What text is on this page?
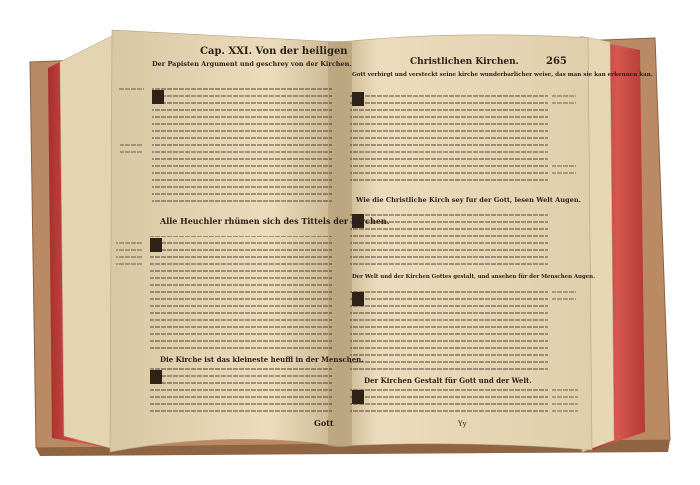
Cap. XXI. Von der heiligen
Der Papisten Argument und geschrey von der Kirchen.
Alle Heuchler rhümen sich des Tittels der Kirchen.
Die Kirche ist das kleineste heuffl in der Menschen.
Gott
Christlichen Kirchen.	265
Gott verbirgt und versteckt seine kirche wunderbarlicher weise, das man sie kan erkennen kan.
Wie die Christliche Kirch sey fur der Gott, lesen Welt Augen.
Der Welt und der Kirchen Gottes gestalt, und ansehen für der Menschen Augen.
Der Kirchen Gestalt für Gott und der Welt.
Yy
